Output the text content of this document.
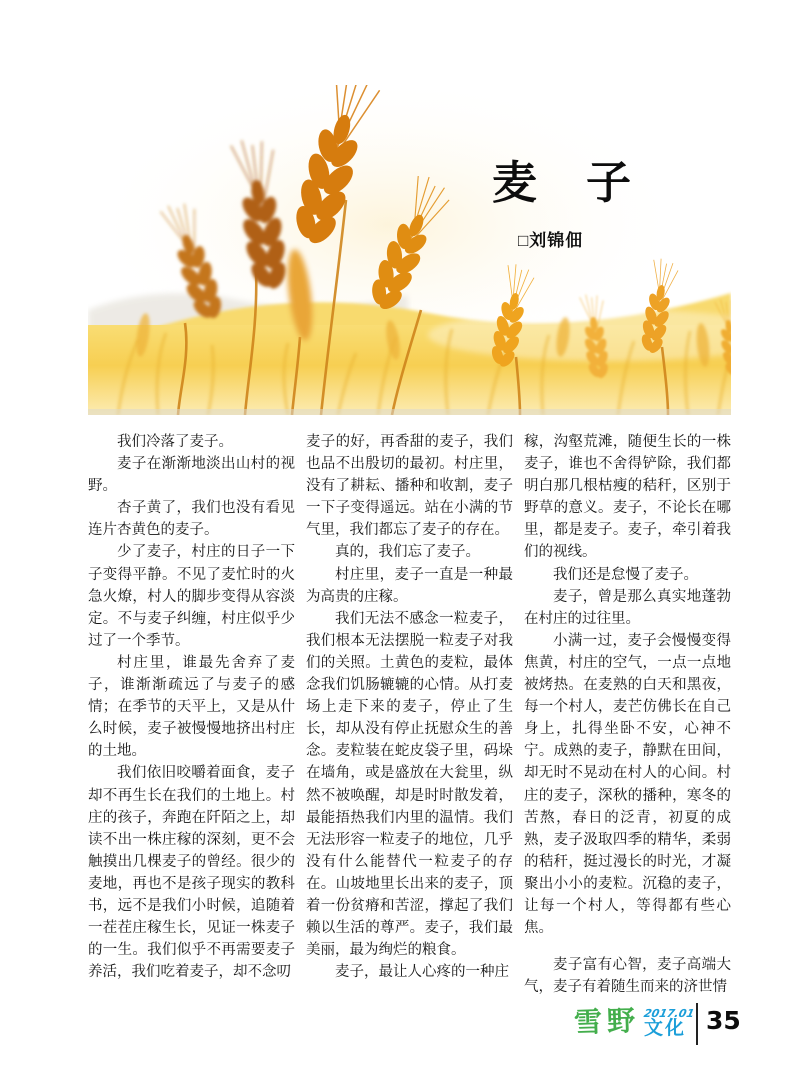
麦　子
□刘锦佃

我们冷落了麦子。

麦子在渐渐地淡出山村的视野。

杏子黄了，我们也没有看见连片杏黄色的麦子。

少了麦子，村庄的日子一下子变得平静。不见了麦忙时的火急火燎，村人的脚步变得从容淡定。不与麦子纠缠，村庄似乎少过了一个季节。

村庄里，谁最先舍弃了麦子，谁渐渐疏远了与麦子的感情；在季节的天平上，又是从什么时候，麦子被慢慢地挤出村庄的土地。

我们依旧咬嚼着面食，麦子却不再生长在我们的土地上。村庄的孩子，奔跑在阡陌之上，却读不出一株庄稼的深刻，更不会触摸出几棵麦子的曾经。很少的麦地，再也不是孩子现实的教科书，远不是我们小时候，追随着一茬茬庄稼生长，见证一株麦子的一生。我们似乎不再需要麦子养活，我们吃着麦子，却不念叨

麦子的好，再香甜的麦子，我们也品不出殷切的最初。村庄里，没有了耕耘、播种和收割，麦子一下子变得遥远。站在小满的节气里，我们都忘了麦子的存在。

真的，我们忘了麦子。

村庄里，麦子一直是一种最为高贵的庄稼。

我们无法不感念一粒麦子，我们根本无法摆脱一粒麦子对我们的关照。土黄色的麦粒，最体念我们饥肠辘辘的心情。从打麦场上走下来的麦子，停止了生长，却从没有停止抚慰众生的善念。麦粒装在蛇皮袋子里，码垛在墙角，或是盛放在大瓮里，纵然不被唤醒，却是时时散发着，最能捂热我们内里的温情。我们无法形容一粒麦子的地位，几乎没有什么能替代一粒麦子的存在。山坡地里长出来的麦子，顶着一份贫瘠和苦涩，撑起了我们赖以生活的尊严。麦子，我们最美丽，最为绚烂的粮食。

麦子，最让人心疼的一种庄

稼，沟壑荒滩，随便生长的一株麦子，谁也不舍得铲除，我们都明白那几根枯瘦的秸秆，区别于野草的意义。麦子，不论长在哪里，都是麦子。麦子，牵引着我们的视线。

我们还是怠慢了麦子。

麦子，曾是那么真实地蓬勃在村庄的过往里。

小满一过，麦子会慢慢变得焦黄，村庄的空气，一点一点地被烤热。在麦熟的白天和黑夜，每一个村人，麦芒仿佛长在自己身上，扎得坐卧不安，心神不宁。成熟的麦子，静默在田间，却无时不晃动在村人的心间。村庄的麦子，深秋的播种，寒冬的苦熬，春日的泛青，初夏的成熟，麦子汲取四季的精华，柔弱的秸秆，挺过漫长的时光，才凝聚出小小的麦粒。沉稳的麦子，让每一个村人，等得都有些心焦。

麦子富有心智，麦子高端大气，麦子有着随生而来的济世情

雪野 2017.01
文化 35
